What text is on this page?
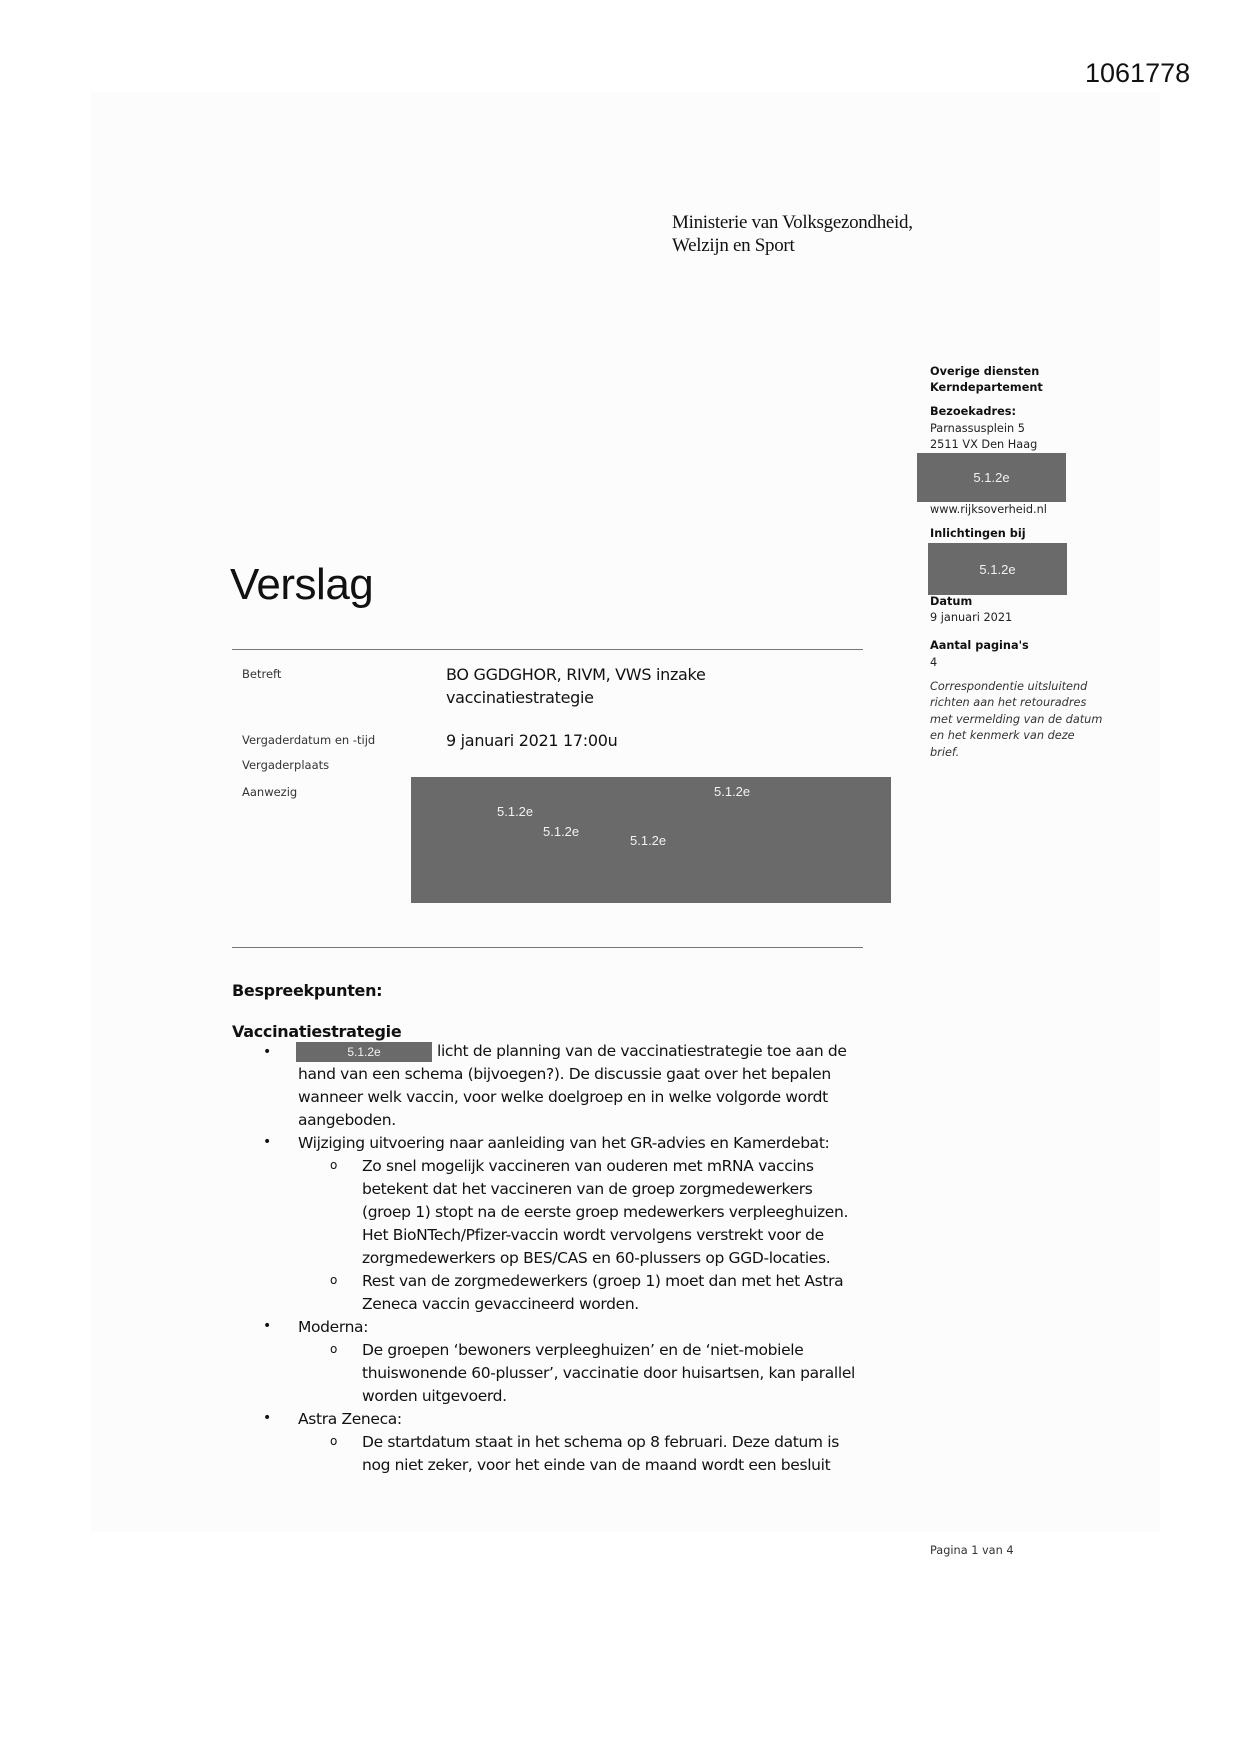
1061778
Ministerie van Volksgezondheid,
Welzijn en Sport
Overige diensten
Kerndepartement
Bezoekadres:
Parnassusplein 5
2511 VX Den Haag
5.1.2e
www.rijksoverheid.nl
Inlichtingen bij
5.1.2e
Datum
9 januari 2021
Aantal pagina's
4
Correspondentie uitsluitend
richten aan het retouradres
met vermelding van de datum
en het kenmerk van deze
brief.
Verslag
Betreft	BO GGDGHOR, RIVM, VWS inzake
vaccinatiestrategie
Vergaderdatum en -tijd	9 januari 2021 17:00u
Vergaderplaats
Aanwezig
5.1.2e
5.1.2e
5.1.2e
5.1.2e
Bespreekpunten:
Vaccinatiestrategie
•	5.1.2e	licht de planning van de vaccinatiestrategie toe aan de
hand van een schema (bijvoegen?). De discussie gaat over het bepalen
wanneer welk vaccin, voor welke doelgroep en in welke volgorde wordt
aangeboden.
• Wijziging uitvoering naar aanleiding van het GR-advies en Kamerdebat:
o Zo snel mogelijk vaccineren van ouderen met mRNA vaccins
betekent dat het vaccineren van de groep zorgmedewerkers
(groep 1) stopt na de eerste groep medewerkers verpleeghuizen.
Het BioNTech/Pfizer-vaccin wordt vervolgens verstrekt voor de
zorgmedewerkers op BES/CAS en 60-plussers op GGD-locaties.
o Rest van de zorgmedewerkers (groep 1) moet dan met het Astra
Zeneca vaccin gevaccineerd worden.
• Moderna:
o De groepen ‘bewoners verpleeghuizen’ en de ‘niet-mobiele
thuiswonende 60-plusser’, vaccinatie door huisartsen, kan parallel
worden uitgevoerd.
• Astra Zeneca:
o De startdatum staat in het schema op 8 februari. Deze datum is
nog niet zeker, voor het einde van de maand wordt een besluit
Pagina 1 van 4
